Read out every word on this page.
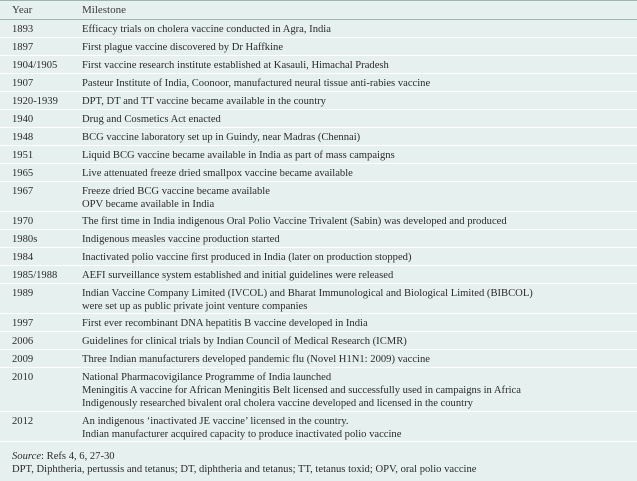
Year	Milestone
1893	Efficacy trials on cholera vaccine conducted in Agra, India
1897	First plague vaccine discovered by Dr Haffkine
1904/1905	First vaccine research institute established at Kasauli, Himachal Pradesh
1907	Pasteur Institute of India, Coonoor, manufactured neural tissue anti-rabies vaccine
1920-1939	DPT, DT and TT vaccine became available in the country
1940	Drug and Cosmetics Act enacted
1948	BCG vaccine laboratory set up in Guindy, near Madras (Chennai)
1951	Liquid BCG vaccine became available in India as part of mass campaigns
1965	Live attenuated freeze dried smallpox vaccine became available
1967	Freeze dried BCG vaccine became available
OPV became available in India
1970	The first time in India indigenous Oral Polio Vaccine Trivalent (Sabin) was developed and produced
1980s	Indigenous measles vaccine production started
1984	Inactivated polio vaccine first produced in India (later on production stopped)
1985/1988	AEFI surveillance system established and initial guidelines were released
1989	Indian Vaccine Company Limited (IVCOL) and Bharat Immunological and Biological Limited (BIBCOL)
were set up as public private joint venture companies
1997	First ever recombinant DNA hepatitis B vaccine developed in India
2006	Guidelines for clinical trials by Indian Council of Medical Research (ICMR)
2009	Three Indian manufacturers developed pandemic flu (Novel H1N1: 2009) vaccine
2010	National Pharmacovigilance Programme of India launched
Meningitis A vaccine for African Meningitis Belt licensed and successfully used in campaigns in Africa
Indigenously researched bivalent oral cholera vaccine developed and licensed in the country
2012	An indigenous ‘inactivated JE vaccine’ licensed in the country.
Indian manufacturer acquired capacity to produce inactivated polio vaccine
Source: Refs 4, 6, 27-30
DPT, Diphtheria, pertussis and tetanus; DT, diphtheria and tetanus; TT, tetanus toxid; OPV, oral polio vaccine
